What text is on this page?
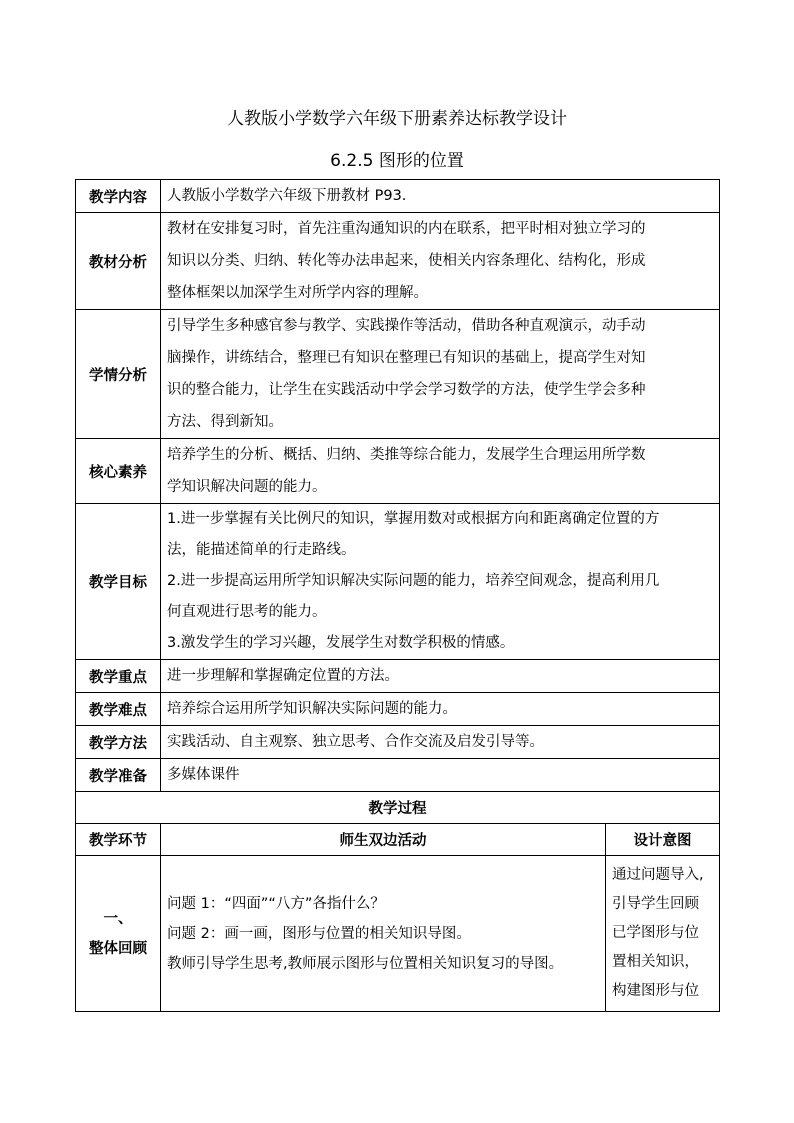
人教版小学数学六年级下册素养达标教学设计
6.2.5 图形的位置
教学内容	人教版小学数学六年级下册教材 P93.	
教材分析	教材在安排复习时，首先注重沟通知识的内在联系，把平时相对独立学习的
知识以分类、归纳、转化等办法串起来，使相关内容条理化、结构化，形成
整体框架以加深学生对所学内容的理解。	

学情分析	引导学生多种感官参与教学、实践操作等活动，借助各种直观演示，动手动
脑操作，讲练结合，整理已有知识在整理已有知识的基础上，提高学生对知
识的整合能力，让学生在实践活动中学会学习数学的方法，使学生学会多种
方法、得到新知。	

核心素养	培养学生的分析、概括、归纳、类推等综合能力，发展学生合理运用所学数
学知识解决问题的能力。	

教学目标	1.进一步掌握有关比例尺的知识，掌握用数对或根据方向和距离确定位置的方
法，能描述简单的行走路线。
2.进一步提高运用所学知识解决实际问题的能力，培养空间观念，提高利用几
何直观进行思考的能力。
3.激发学生的学习兴趣，发展学生对数学积极的情感。	

教学重点	进一步理解和掌握确定位置的方法。	
教学难点	培养综合运用所学知识解决实际问题的能力。	
教学方法	实践活动、自主观察、独立思考、合作交流及启发引导等。	
教学准备	多媒体课件	
教学过程		
教学环节	师生双边活动	设计意图

一、
整体回顾	问题 1：“四面”“八方”各指什么？
问题 2：画一画，图形与位置的相关知识导图。
教师引导学生思考,教师展示图形与位置相关知识复习的导图。	通过问题导入,
引导学生回顾
已学图形与位
置相关知识，
构建图形与位
